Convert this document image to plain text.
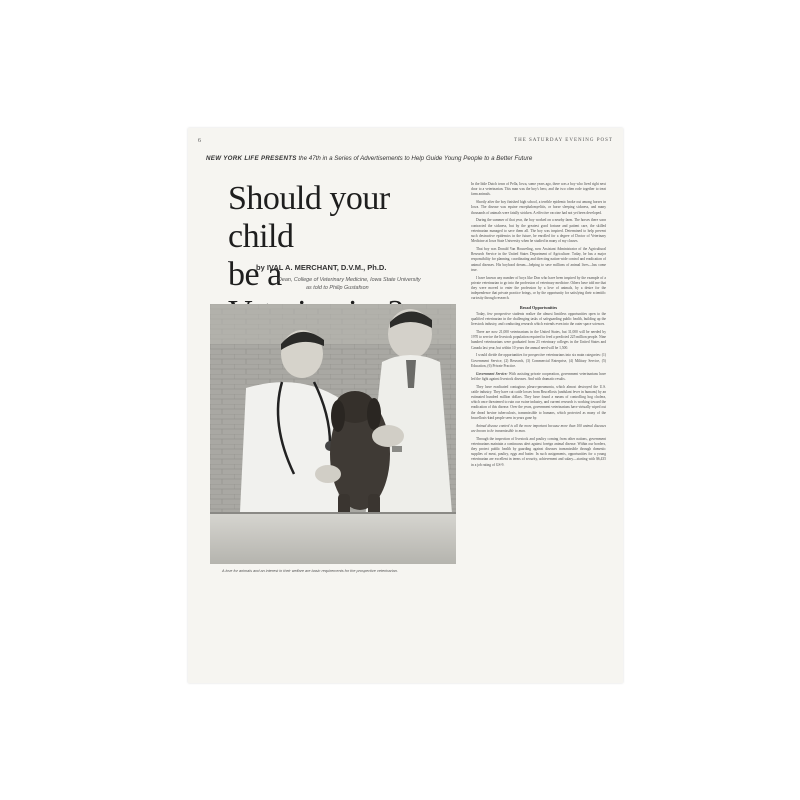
6	THE SATURDAY EVENING POST
NEW YORK LIFE PRESENTS the 47th in a Series of Advertisements to Help Guide Young People to a Better Future
Should your child
be a
by IVAL A. MERCHANT, D.V.M., Ph.D.
Dean, College of Veterinary Medicine, Iowa State University
as told to Philip Gustafson
A love for animals and an interest in their welfare are basic requirements for the prospective veterinarian.

In the little Dutch town of Pella, Iowa, some years ago, there was a boy who lived right next door to a veterinarian. This man was the boy's hero, and the two often rode together to treat farm animals.

Shortly after the boy finished high school, a terrible epidemic broke out among horses in Iowa. The disease was equine encephalomyelitis, or horse sleeping sickness, and many thousands of animals were fatally stricken. A effective vaccine had not yet been developed.

During the summer of that year, the boy worked on a nearby farm. The horses there soon contracted the sickness, but by the greatest good fortune and patient care, the skilled veterinarian managed to save them all. The boy was inspired. Determined to help prevent such destructive epidemics in the future, he enrolled for a degree of Doctor of Veterinary Medicine at Iowa State University when he studied in many of my classes.

That boy was Donald Van Houweling, now Assistant Administrator of the Agricultural Research Service in the United States Department of Agriculture. Today, he has a major responsibility for planning, coordinating and directing nation-wide control and eradication of animal diseases. His boyhood dream—helping to save millions of animal lives—has come true.

I have known any number of boys like Don who have been inspired by the example of a private veterinarian to go into the profession of veterinary medicine. Others have told me that they were moved to enter the profession by a love of animals, by a desire for the independence that private practice brings, or by the opportunity for satisfying their scientific curiosity through research.

Broad Opportunities

Today, few prospective students realize the almost limitless opportunities open to the qualified veterinarian in the challenging tasks of safeguarding public health, building up the livestock industry, and conducting research which extends even into the outer space sciences.

There are now 21,000 veterinarians in the United States, but 31,000 will be needed by 1970 to service the livestock population required to feed a predicted 225 million people. Nine hundred veterinarians were graduated from 23 veterinary colleges in the United States and Canada last year, but within 10 years the annual need will be 1,500.

I would divide the opportunities for prospective veterinarians into six main categories: (1) Government Service, (2) Research, (3) Commercial Enterprise, (4) Military Service, (5) Education, (6) Private Practice.

Government Service: With assisting private cooperation, government veterinarians have led the fight against livestock diseases. And with dramatic results.

They have eradicated contagious pleuro-pneumonia, which almost destroyed the U.S. cattle industry. They have cut cattle losses from Brucellosis (undulant fever in humans) by an estimated hundred million dollars. They have found a means of controlling hog cholera, which once threatened to ruin our swine industry, and current research is working toward the eradication of this disease. Over the years, government veterinarians have virtually wiped out the dread bovine tuberculosis, transmissible to humans, which protected as many of the brucellosis-kind people seen in years gone by.

Animal disease control is all the more important because more than 100 animal diseases are known to be transmissible to man.

Through the inspection of livestock and poultry coming from other nations, government veterinarians maintain a continuous alert against foreign animal disease. Within our borders, they protect public health by guarding against diseases transmissible through domestic supplies of meat, poultry, eggs and butter. In such assignments, opportunities for a young veterinarian are excellent in terms of security, achievement and salary—starting with $6,435 in a job rating of GS-9.
